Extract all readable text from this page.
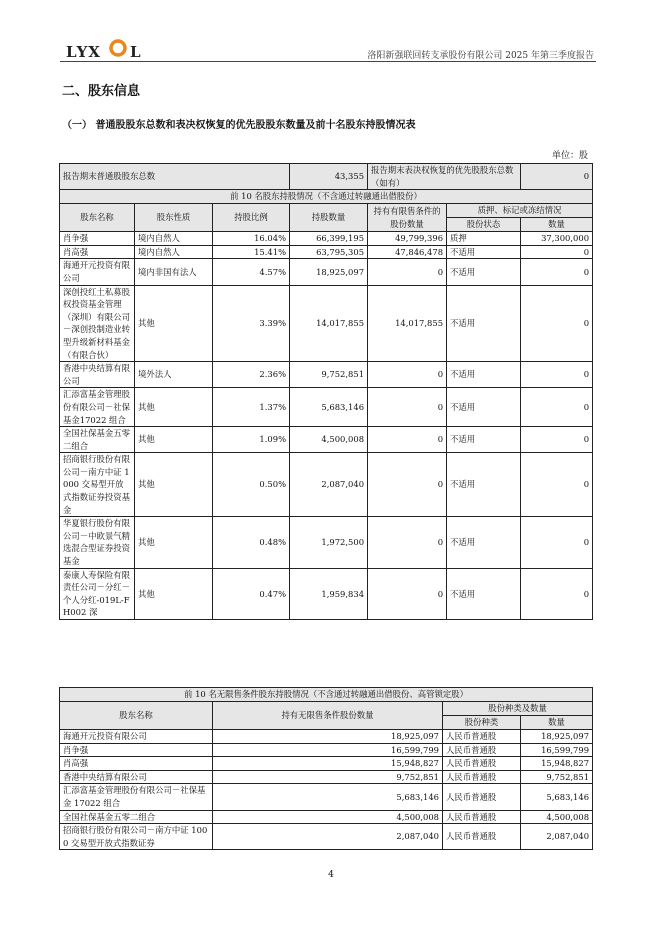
LYX L	洛阳新强联回转支承股份有限公司 2025 年第三季度报告
二、股东信息
（一） 普通股股东总数和表决权恢复的优先股股东数量及前十名股东持股情况表
单位：股
报告期末普通股股东总数			43,355	报告期末表决权恢复的优先股股东总数（如有）		0
前 10 名股东持股情况（不含通过转融通出借股份）						
股东名称	股东性质	持股比例	持股数量	持有有限售条件的股份数量	质押、标记或冻结情况	
					股份状态	数量
肖争强	境内自然人	16.04%	66,399,195	49,799,396	质押	37,300,000
肖高强	境内自然人	15.41%	63,795,305	47,846,478	不适用	0
海通开元投资有限公司	境内非国有法人	4.57%	18,925,097	0	不适用	0
深创投红土私募股权投资基金管理（深圳）有限公司－深创投制造业转型升级新材料基金（有限合伙）	其他	3.39%	14,017,855	14,017,855	不适用	0
香港中央结算有限公司	境外法人	2.36%	9,752,851	0	不适用	0
汇添富基金管理股份有限公司－社保基金17022 组合	其他	1.37%	5,683,146	0	不适用	0
全国社保基金五零二组合	其他	1.09%	4,500,008	0	不适用	0
招商银行股份有限公司－南方中证 1000 交易型开放式指数证券投资基金	其他	0.50%	2,087,040	0	不适用	0
华夏银行股份有限公司－中欧景气精选混合型证券投资基金	其他	0.48%	1,972,500	0	不适用	0
泰康人寿保险有限责任公司－分红－个人分红-019L-FH002 深	其他	0.47%	1,959,834	0	不适用	0
前 10 名无限售条件股东持股情况（不含通过转融通出借股份、高管锁定股）			
股东名称	持有无限售条件股份数量	股份种类及数量	
		股份种类	数量
海通开元投资有限公司	18,925,097	人民币普通股	18,925,097
肖争强	16,599,799	人民币普通股	16,599,799
肖高强	15,948,827	人民币普通股	15,948,827
香港中央结算有限公司	9,752,851	人民币普通股	9,752,851
汇添富基金管理股份有限公司－社保基金 17022 组合	5,683,146	人民币普通股	5,683,146
全国社保基金五零二组合	4,500,008	人民币普通股	4,500,008
招商银行股份有限公司－南方中证 1000 交易型开放式指数证券	2,087,040	人民币普通股	2,087,040
4
